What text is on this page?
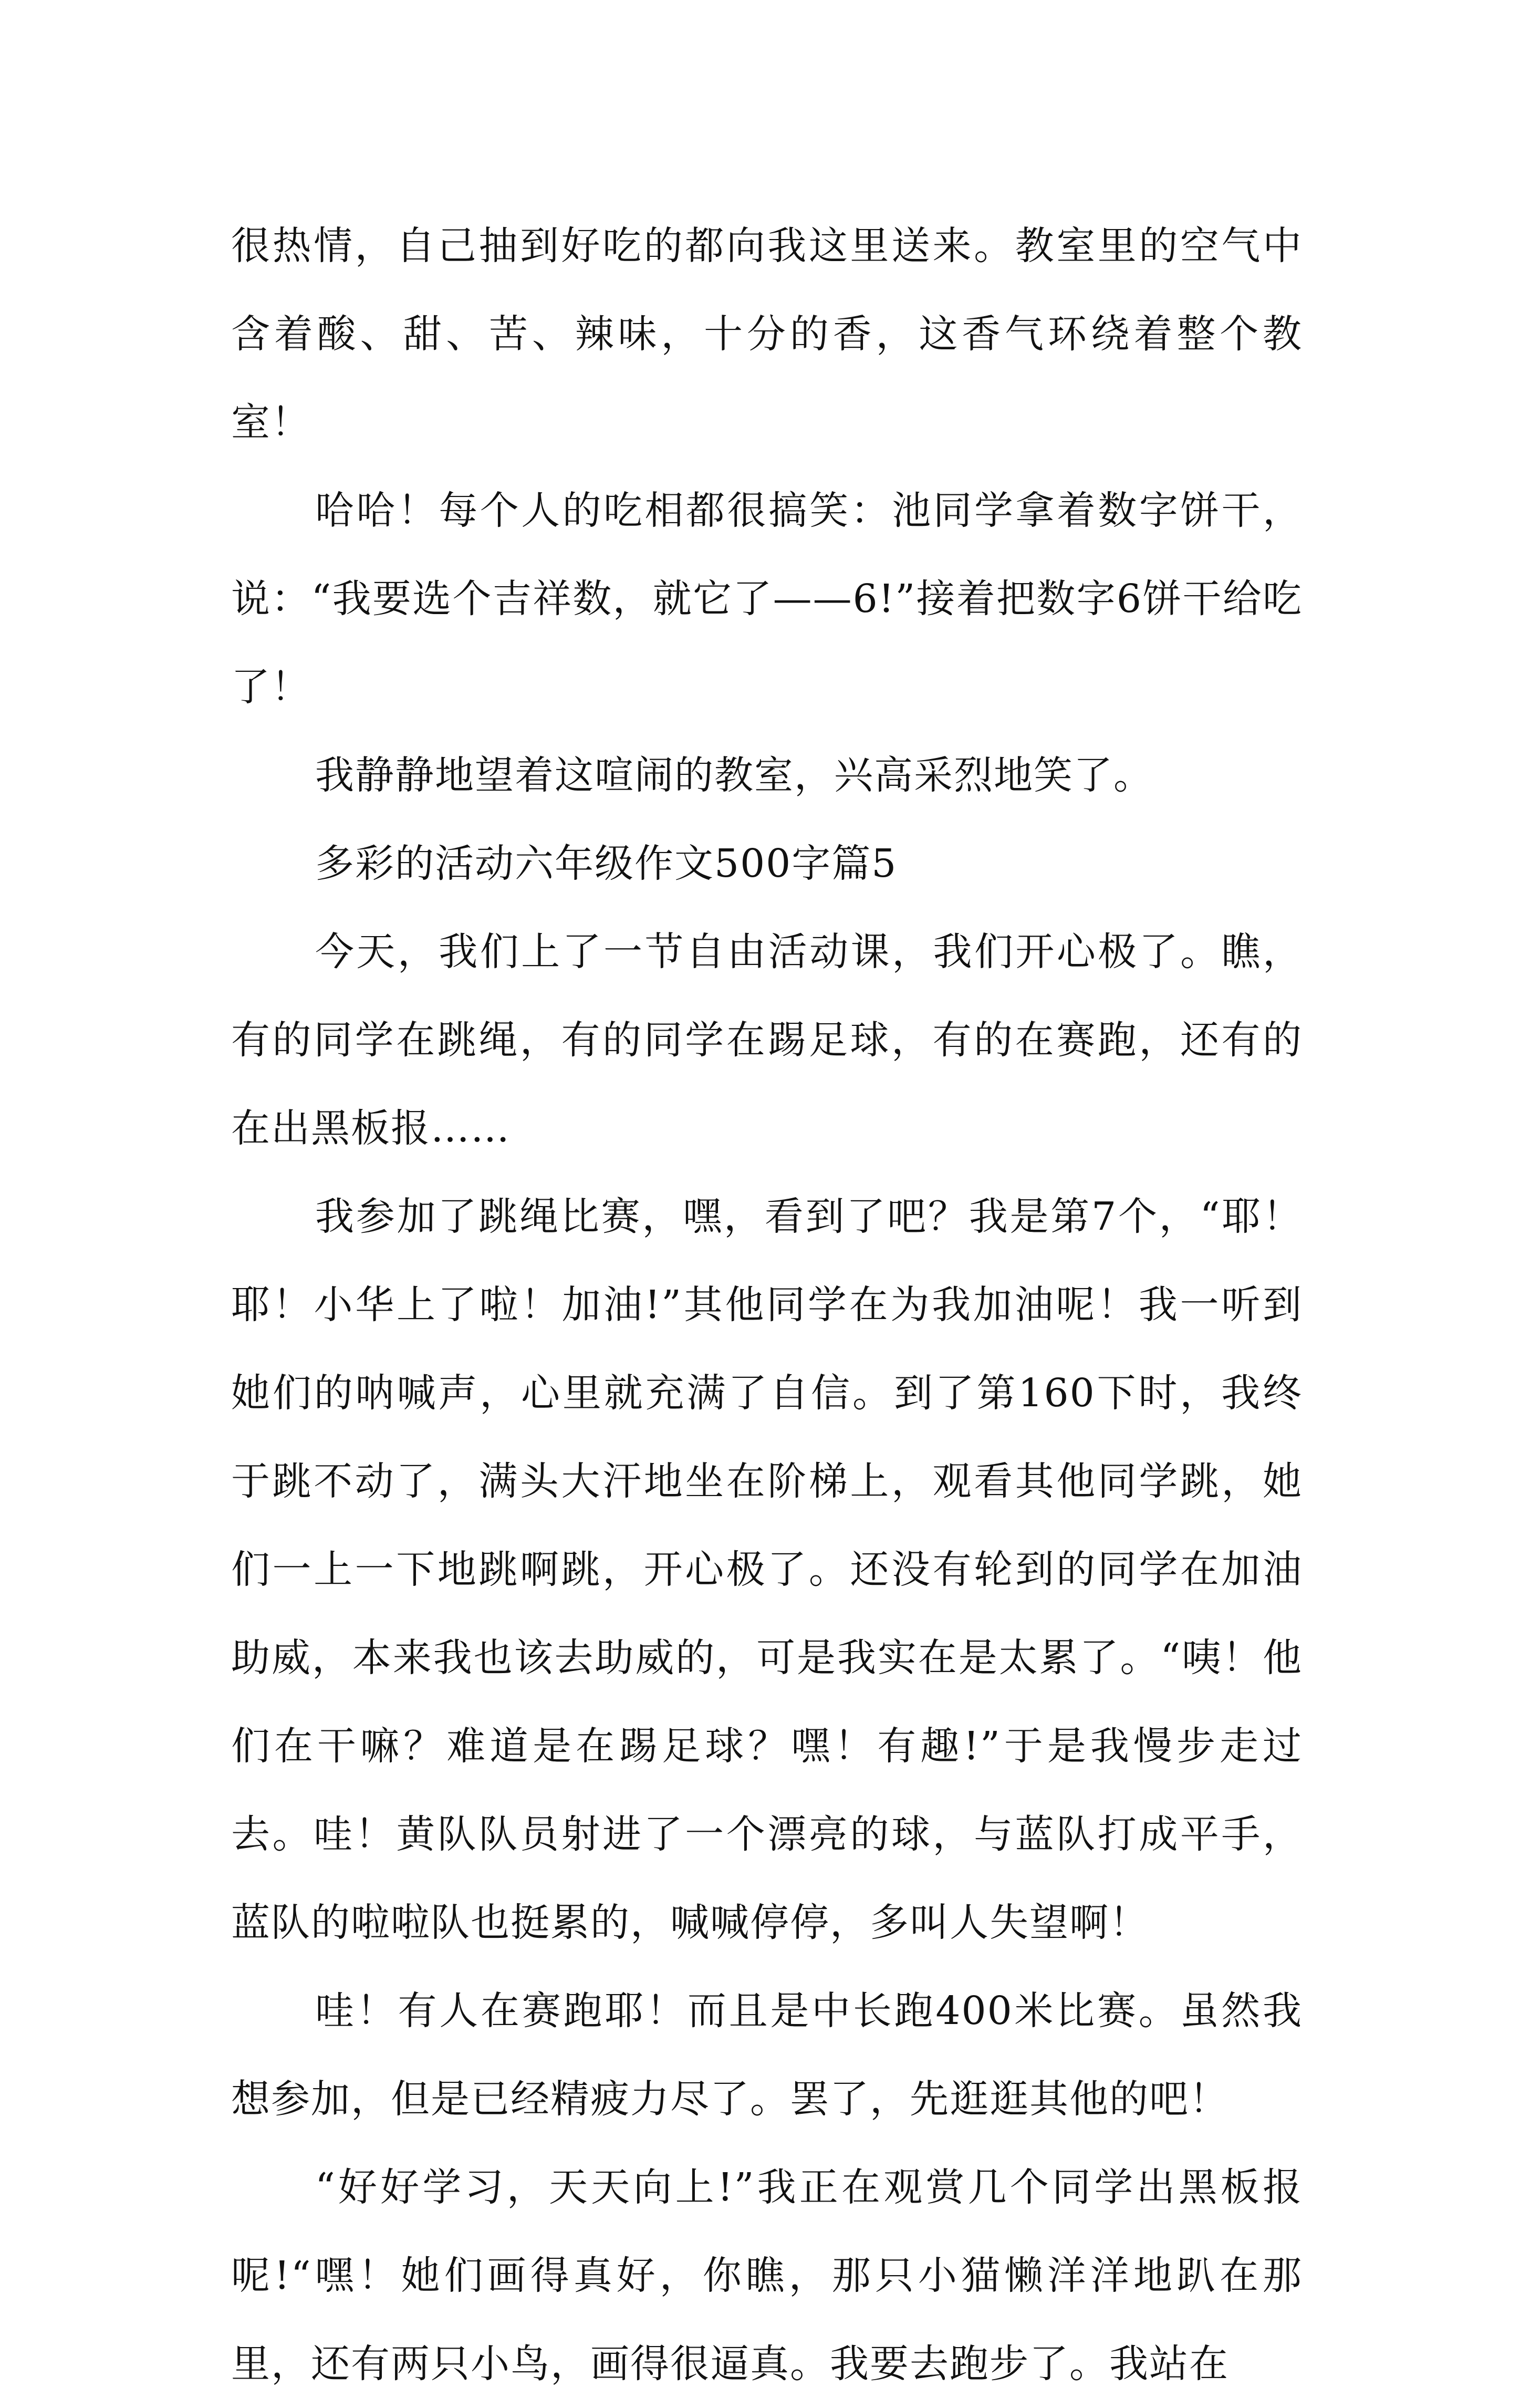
很热情，自己抽到好吃的都向我这里送来。教室里的空气中含着酸、甜、苦、辣味，十分的香，这香气环绕着整个教室！

哈哈！每个人的吃相都很搞笑：池同学拿着数字饼干，说：“我要选个吉祥数，就它了——6!”接着把数字6饼干给吃了！

我静静地望着这喧闹的教室，兴高采烈地笑了。

多彩的活动六年级作文500字篇5

今天，我们上了一节自由活动课，我们开心极了。瞧，有的同学在跳绳，有的同学在踢足球，有的在赛跑，还有的在出黑板报……

我参加了跳绳比赛，嘿，看到了吧？我是第7个，“耶！耶！小华上了啦！加油!”其他同学在为我加油呢！我一听到她们的呐喊声，心里就充满了自信。到了第160下时，我终于跳不动了，满头大汗地坐在阶梯上，观看其他同学跳，她们一上一下地跳啊跳，开心极了。还没有轮到的同学在加油助威，本来我也该去助威的，可是我实在是太累了。“咦！他们在干嘛？难道是在踢足球？嘿！有趣!”于是我慢步走过去。哇！黄队队员射进了一个漂亮的球，与蓝队打成平手，蓝队的啦啦队也挺累的，喊喊停停，多叫人失望啊！

哇！有人在赛跑耶！而且是中长跑400米比赛。虽然我想参加，但是已经精疲力尽了。罢了，先逛逛其他的吧！

“好好学习，天天向上!”我正在观赏几个同学出黑板报呢!“嘿！她们画得真好，你瞧，那只小猫懒洋洋地趴在那里，还有两只小鸟，画得很逼真。我要去跑步了。我站在
